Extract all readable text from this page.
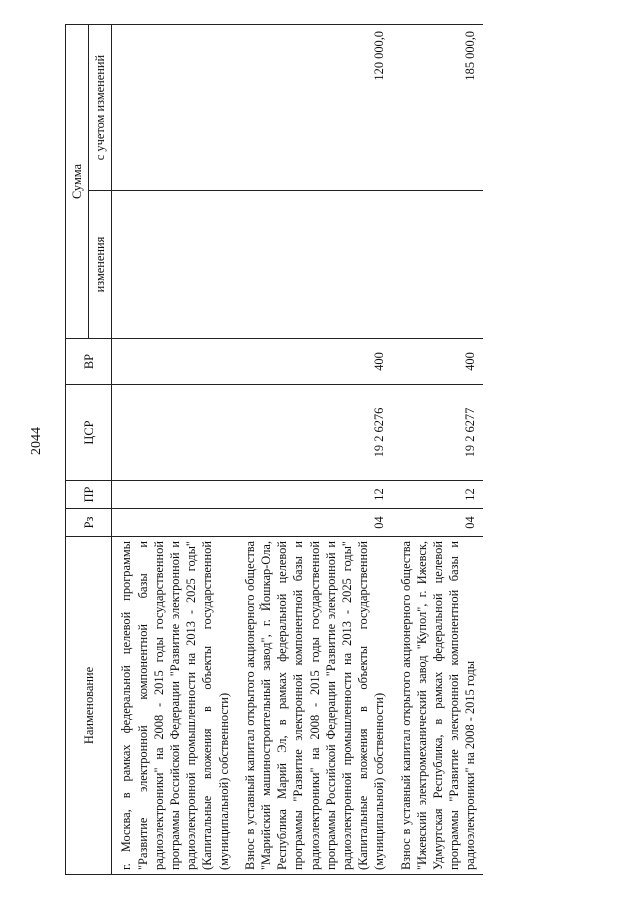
2044
Наименование	Рз	ПР	ЦСР	ВР	Сумма	
					изменения	с учетом изменений
г. Москва, в рамках федеральной целевой программы "Развитие электронной компонентной базы и радиоэлектроники" на 2008 - 2015 годы государственной программы Российской Федерации "Развитие электронной и радиоэлектронной промышленности на 2013 - 2025 годы" (Капитальные вложения в объекты государственной (муниципальной) собственности)						
Взнос в уставный капитал открытого акционерного общества "Марийский машиностроительный завод", г. Йошкар-Ола, Республика Марий Эл, в рамках федеральной целевой программы "Развитие электронной компонентной базы и радиоэлектроники" на 2008 - 2015 годы государственной программы Российской Федерации "Развитие электронной и радиоэлектронной промышленности на 2013 - 2025 годы" (Капитальные вложения в объекты государственной (муниципальной) собственности)	04	12	19 2 6276	400		120 000,0
Взнос в уставный капитал открытого акционерного общества "Ижевский электромеханический завод "Купол", г. Ижевск, Удмуртская Республика, в рамках федеральной целевой программы "Развитие электронной компонентной базы и радиоэлектроники" на 2008 - 2015 годы	04	12	19 2 6277	400		185 000,0
